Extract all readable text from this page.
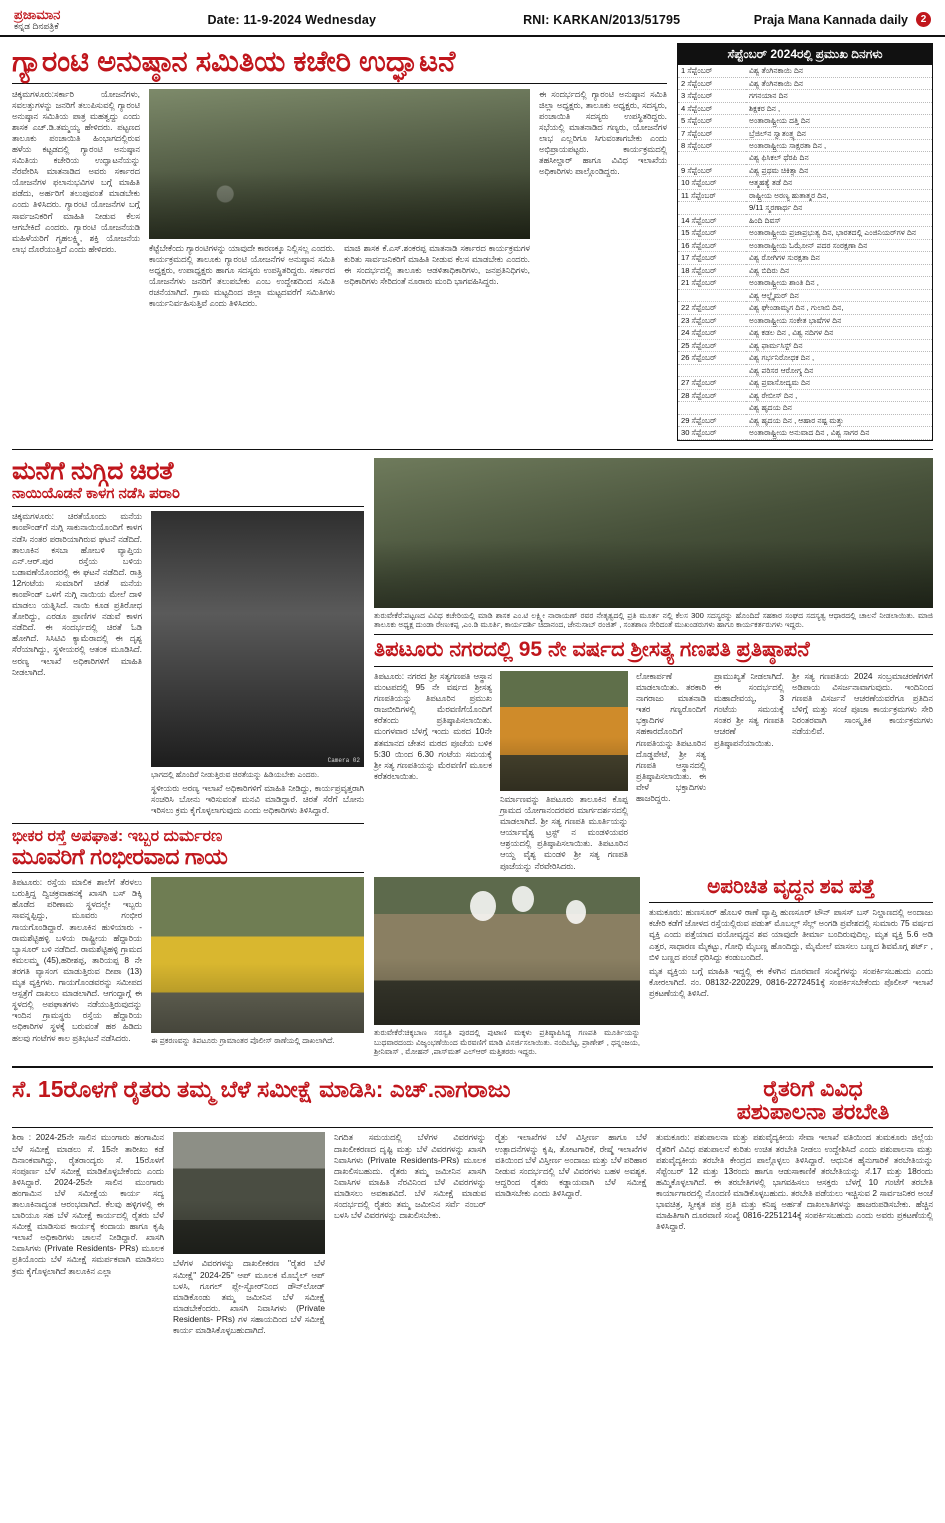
ಪ್ರಜಾಮಾನ
ಕನ್ನಡ ದಿನಪತ್ರಿಕೆ	Date: 11-9-2024 Wednesday	RNI: KARKAN/2013/51795	Praja Mana Kannada daily	2
ಗ್ಯಾರಂಟಿ ಅನುಷ್ಠಾನ ಸಮಿತಿಯ ಕಚೇರಿ ಉದ್ಘಾಟನೆ
ಚಿಕ್ಕಮಗಳೂರು:ಸರ್ಕಾರಿ ಯೋಜನೆಗಳು, ಸವಲತ್ತುಗಳನ್ನು ಜನರಿಗೆ ತಲುಪಿಸುವಲ್ಲಿ ಗ್ಯಾರಂಟಿ ಅನುಷ್ಠಾನ ಸಮಿತಿಯ ಪಾತ್ರ ಮಹತ್ವದ್ದು ಎಂದು ಶಾಸಕ ಎಚ್.ಡಿ.ತಮ್ಮಯ್ಯ ಹೇಳಿದರು. ಪಟ್ಟಣದ ತಾಲೂಕು ಪಂಚಾಯಿತಿ ಹಿಂಭಾಗದಲ್ಲಿರುವ ಹಳೆಯ ಕಟ್ಟಡದಲ್ಲಿ ಗ್ಯಾರಂಟಿ ಅನುಷ್ಠಾನ ಸಮಿತಿಯ ಕಚೇರಿಯ ಉದ್ಘಾಟನೆಯನ್ನು ನೆರವೇರಿಸಿ ಮಾತನಾಡಿದ ಅವರು ಸರ್ಕಾರದ ಯೋಜನೆಗಳ ಫಲಾನುಭವಿಗಳ ಬಗ್ಗೆ ಮಾಹಿತಿ ಪಡೆದು, ಅರ್ಹರಿಗೆ ತಲುಪುವಂತೆ ಮಾಡಬೇಕು ಎಂದು ತಿಳಿಸಿದರು. ಗ್ಯಾರಂಟಿ ಯೋಜನೆಗಳ ಬಗ್ಗೆ ಸಾರ್ವಜನಿಕರಿಗೆ ಮಾಹಿತಿ ನೀಡುವ ಕೆಲಸ ಆಗಬೇಕಿದೆ ಎಂದರು. ಗ್ಯಾರಂಟಿ ಯೋಜನೆಯಡಿ ಮಹಿಳೆಯರಿಗೆ ಗೃಹಲಕ್ಷ್ಮಿ, ಶಕ್ತಿ ಯೋಜನೆಯ ಲಾಭ ದೊರೆಯುತ್ತಿದೆ ಎಂದು ಹೇಳಿದರು.	ಕೆಟ್ಟೆಬೇಕೆಂದು ಗ್ಯಾರಂಟಿಗಳನ್ನು ಯಾವುದೇ ಕಾರಣಕ್ಕೂ ನಿಲ್ಲಿಸಲ್ಲ ಎಂದರು. ಕಾರ್ಯಕ್ರಮದಲ್ಲಿ ತಾಲೂಕು ಗ್ಯಾರಂಟಿ ಯೋಜನೆಗಳ ಅನುಷ್ಠಾನ ಸಮಿತಿ ಅಧ್ಯಕ್ಷರು, ಉಪಾಧ್ಯಕ್ಷರು ಹಾಗೂ ಸದಸ್ಯರು ಉಪಸ್ಥಿತರಿದ್ದರು. ಸರ್ಕಾರದ ಯೋಜನೆಗಳು ಜನರಿಗೆ ತಲುಪಬೇಕು ಎಂಬ ಉದ್ದೇಶದಿಂದ ಸಮಿತಿ ರಚನೆಯಾಗಿದೆ. ಗ್ರಾಮ ಮಟ್ಟದಿಂದ ಜಿಲ್ಲಾ ಮಟ್ಟದವರೆಗೆ ಸಮಿತಿಗಳು ಕಾರ್ಯನಿರ್ವಹಿಸುತ್ತಿವೆ ಎಂದು ತಿಳಿಸಿದರು.
ಮಾಜಿ ಶಾಸಕ ಕೆ.ಎಸ್.ಶಂಕರಪ್ಪ ಮಾತನಾಡಿ ಸರ್ಕಾರದ ಕಾರ್ಯಕ್ರಮಗಳ ಕುರಿತು ಸಾರ್ವಜನಿಕರಿಗೆ ಮಾಹಿತಿ ನೀಡುವ ಕೆಲಸ ಮಾಡಬೇಕು ಎಂದರು. ಈ ಸಂದರ್ಭದಲ್ಲಿ ತಾಲೂಕು ಆಡಳಿತಾಧಿಕಾರಿಗಳು, ಜನಪ್ರತಿನಿಧಿಗಳು, ಅಧಿಕಾರಿಗಳು ಸೇರಿದಂತೆ ನೂರಾರು ಮಂದಿ ಭಾಗವಹಿಸಿದ್ದರು.
ಈ ಸಂದರ್ಭದಲ್ಲಿ ಗ್ಯಾರಂಟಿ ಅನುಷ್ಠಾನ ಸಮಿತಿ ಜಿಲ್ಲಾ ಅಧ್ಯಕ್ಷರು, ತಾಲೂಕು ಅಧ್ಯಕ್ಷರು, ಸದಸ್ಯರು, ಪಂಚಾಯಿತಿ ಸದಸ್ಯರು ಉಪಸ್ಥಿತರಿದ್ದರು. ಸಭೆಯಲ್ಲಿ ಮಾತನಾಡಿದ ಗಣ್ಯರು, ಯೋಜನೆಗಳ ಲಾಭ ಎಲ್ಲರಿಗೂ ಸಿಗುವಂತಾಗಬೇಕು ಎಂದು ಅಭಿಪ್ರಾಯಪಟ್ಟರು. ಕಾರ್ಯಕ್ರಮದಲ್ಲಿ ತಹಸೀಲ್ದಾರ್ ಹಾಗೂ ವಿವಿಧ ಇಲಾಖೆಯ ಅಧಿಕಾರಿಗಳು ಪಾಲ್ಗೊಂಡಿದ್ದರು.
ಸೆಪ್ಟೆಂಬರ್ 2024ರಲ್ಲಿ ಪ್ರಮುಖ ದಿನಗಳು
1 ಸೆಪ್ಟೆಂಬರ್	ವಿಶ್ವ ತೆಂಗಿನಕಾಯಿ ದಿನ
2 ಸೆಪ್ಟೆಂಬರ್	ವಿಶ್ವ ತೆಂಗಿನಕಾಯಿ ದಿನ
3 ಸೆಪ್ಟೆಂಬರ್	ಗಗನಯಾನ ದಿನ
4 ಸೆಪ್ಟೆಂಬರ್	ಶಿಕ್ಷಕರ ದಿನ ,
5 ಸೆಪ್ಟೆಂಬರ್	ಅಂತಾರಾಷ್ಟ್ರೀಯ ದತ್ತಿ ದಿನ
7 ಸೆಪ್ಟೆಂಬರ್	ಬ್ರೆಜಿಲ್‌ನ ಸ್ವಾತಂತ್ರ್ಯ ದಿನ
8 ಸೆಪ್ಟೆಂಬರ್	ಅಂತಾರಾಷ್ಟ್ರೀಯ ಸಾಕ್ಷರತಾ ದಿನ ,
	ವಿಶ್ವ ಫಿಸಿಕಲ್ ಥೆರಪಿ ದಿನ
9 ಸೆಪ್ಟೆಂಬರ್	ವಿಶ್ವ ಪ್ರಥಮ ಚಿಕಿತ್ಸಾ ದಿನ
10 ಸೆಪ್ಟೆಂಬರ್	ಆತ್ಮಹತ್ಯೆ ತಡೆ ದಿನ
11 ಸೆಪ್ಟೆಂಬರ್	ರಾಷ್ಟ್ರೀಯ ಅರಣ್ಯ ಹುತಾತ್ಮರ ದಿನ,
	9/11 ಸ್ಮರಣಾರ್ಥ ದಿನ
14 ಸೆಪ್ಟೆಂಬರ್	ಹಿಂದಿ ದಿವಸ್
15 ಸೆಪ್ಟೆಂಬರ್	ಅಂತಾರಾಷ್ಟ್ರೀಯ ಪ್ರಜಾಪ್ರಭುತ್ವ ದಿನ, ಭಾರತದಲ್ಲಿ ಎಂಜಿನಿಯರ್‌ಗಳ ದಿನ
16 ಸೆಪ್ಟೆಂಬರ್	ಅಂತಾರಾಷ್ಟ್ರೀಯ ಓಝೋನ್ ಪದರ ಸಂರಕ್ಷಣಾ ದಿನ
17 ಸೆಪ್ಟೆಂಬರ್	ವಿಶ್ವ ರೋಗಿಗಳ ಸುರಕ್ಷತಾ ದಿನ
18 ಸೆಪ್ಟೆಂಬರ್	ವಿಶ್ವ ಬಿದಿರು ದಿನ
21 ಸೆಪ್ಟೆಂಬರ್	ಅಂತಾರಾಷ್ಟ್ರೀಯ ಶಾಂತಿ ದಿನ ,
	ವಿಶ್ವ ಆಲ್ಝೈಮರ್ ದಿನ
22 ಸೆಪ್ಟೆಂಬರ್	ವಿಶ್ವ ಘೇಂಡಾಮೃಗ ದಿನ , ಗುಲಾಬಿ ದಿನ,
23 ಸೆಪ್ಟೆಂಬರ್	ಅಂತಾರಾಷ್ಟ್ರೀಯ ಸಂಕೇತ ಭಾಷೆಗಳ ದಿನ
24 ಸೆಪ್ಟೆಂಬರ್	ವಿಶ್ವ ಕಡಲ ದಿನ , ವಿಶ್ವ ನದಿಗಳ ದಿನ
25 ಸೆಪ್ಟೆಂಬರ್	ವಿಶ್ವ ಫಾರ್ಮಸಿಸ್ಟ್ ದಿನ
26 ಸೆಪ್ಟೆಂಬರ್	ವಿಶ್ವ ಗರ್ಭನಿರೋಧಕ ದಿನ ,
	ವಿಶ್ವ ಪರಿಸರ ಆರೋಗ್ಯ ದಿನ
27 ಸೆಪ್ಟೆಂಬರ್	ವಿಶ್ವ ಪ್ರವಾಸೋದ್ಯಮ ದಿನ
28 ಸೆಪ್ಟೆಂಬರ್	ವಿಶ್ವ ರೇಬೀಸ್ ದಿನ ,
	ವಿಶ್ವ ಹೃದಯ ದಿನ
29 ಸೆಪ್ಟೆಂಬರ್	ವಿಶ್ವ ಹೃದಯ ದಿನ , ಆಹಾರ ನಷ್ಟ ಮತ್ತು
30 ಸೆಪ್ಟೆಂಬರ್	ಅಂತಾರಾಷ್ಟ್ರೀಯ ಅನುವಾದ ದಿನ , ವಿಶ್ವ ಸಾಗರ ದಿನ
ಮನೆಗೆ ನುಗ್ಗಿದ ಚಿರತೆ
ನಾಯಿಯೊಡನೆ ಕಾಳಗ ನಡೆಸಿ ಪರಾರಿ
ಚಿಕ್ಕಮಗಳೂರು: ಚಿರತೆಯೊಂದು ಮನೆಯ ಕಾಂಪೌಂಡ್‌ಗೆ ನುಗ್ಗಿ ಸಾಕುನಾಯಿಯೊಂದಿಗೆ ಕಾಳಗ ನಡೆಸಿ ನಂತರ ಪರಾರಿಯಾಗಿರುವ ಘಟನೆ ನಡೆದಿದೆ. ತಾಲೂಕಿನ ಕಸಬಾ ಹೋಬಳಿ ವ್ಯಾಪ್ತಿಯ ಎನ್.ಆರ್.ಪುರ ರಸ್ತೆಯ ಬಳಿಯ ಬಡಾವಣೆಯೊಂದರಲ್ಲಿ ಈ ಘಟನೆ ನಡೆದಿದೆ. ರಾತ್ರಿ 12ಗಂಟೆಯ ಸುಮಾರಿಗೆ ಚಿರತೆ ಮನೆಯ ಕಾಂಪೌಂಡ್ ಒಳಗೆ ನುಗ್ಗಿ ನಾಯಿಯ ಮೇಲೆ ದಾಳಿ ಮಾಡಲು ಯತ್ನಿಸಿದೆ. ನಾಯಿ ಕೂಡ ಪ್ರತಿರೋಧ ತೋರಿದ್ದು, ಎರಡೂ ಪ್ರಾಣಿಗಳ ನಡುವೆ ಕಾಳಗ ನಡೆದಿದೆ. ಈ ಸಂದರ್ಭದಲ್ಲಿ ಚಿರತೆ ಓಡಿ ಹೋಗಿದೆ. ಸಿಸಿಟಿವಿ ಕ್ಯಾಮೆರಾದಲ್ಲಿ ಈ ದೃಶ್ಯ ಸೆರೆಯಾಗಿದ್ದು, ಸ್ಥಳೀಯರಲ್ಲಿ ಆತಂಕ ಮೂಡಿಸಿದೆ. ಅರಣ್ಯ ಇಲಾಖೆ ಅಧಿಕಾರಿಗಳಿಗೆ ಮಾಹಿತಿ ನೀಡಲಾಗಿದೆ.
Camera 02
ಭಾಗದಲ್ಲಿ ಹೊಂದಿರೆ ನೀಡುತ್ತಿರುವ ಚಿರತೆಯನ್ನು ಹಿಡಿಯಬೇಕು ಎಂದರು.
ಸ್ಥಳೀಯರು ಅರಣ್ಯ ಇಲಾಖೆ ಅಧಿಕಾರಿಗಳಿಗೆ ಮಾಹಿತಿ ನೀಡಿದ್ದು, ಕಾರ್ಯಪ್ರವೃತ್ತರಾಗಿ ಸಂಚರಿಸಿ ಬೋನು ಇರಿಸುವಂತೆ ಮನವಿ ಮಾಡಿದ್ದಾರೆ. ಚಿರತೆ ಸೆರೆಗೆ ಬೋನು ಇರಿಸಲು ಕ್ರಮ ಕೈಗೊಳ್ಳಲಾಗುವುದು ಎಂದು ಅಧಿಕಾರಿಗಳು ತಿಳಿಸಿದ್ದಾರೆ.
ಭೀಕರ ರಸ್ತೆ ಅಪಘಾತ: ಇಬ್ಬರ ದುರ್ಮರಣ
ಮೂವರಿಗೆ ಗಂಭೀರವಾದ ಗಾಯ
ತಿಪಟೂರು: ರಸ್ತೆಯ ಮಾಲಿಕ ಶಾಲೆಗೆ ತೆರಳಲು ಬರುತ್ತಿದ್ದ ದ್ವಿಚಕ್ರವಾಹನಕ್ಕೆ ಖಾಸಗಿ ಬಸ್ ಡಿಕ್ಕಿ ಹೊಡೆದ ಪರಿಣಾಮ ಸ್ಥಳದಲ್ಲೇ ಇಬ್ಬರು ಸಾವನ್ನಪ್ಪಿದ್ದು, ಮೂವರು ಗಂಭೀರ ಗಾಯಗೊಂಡಿದ್ದಾರೆ. ತಾಲೂಕಿನ ಹುಳಿಯಾರು - ರಾಮಶೆಟ್ಟಿಹಳ್ಳಿ ಬಳಿಯ ರಾಷ್ಟ್ರೀಯ ಹೆದ್ದಾರಿಯ ಬ್ಯಾಸೂರ್ ಬಳಿ ನಡೆದಿದೆ. ರಾಮಶೆಟ್ಟಿಹಳ್ಳಿ ಗ್ರಾಮದ ಕಮಲಮ್ಮ (45),ಹರೀಶಪ್ಪ, ತಾರಿಯಪ್ಪ 8 ನೇ ತರಗತಿ ವ್ಯಾಸಂಗ ಮಾಡುತ್ತಿರುವ ದೀಪಾ (13) ಮೃತ ವ್ಯಕ್ತಿಗಳು. ಗಾಯಗೊಂಡವರನ್ನು ಸಮೀಪದ ಆಸ್ಪತ್ರೆಗೆ ದಾಖಲು ಮಾಡಲಾಗಿದೆ. ಆಗಂದ್ದಾಗ್ಗೆ ಈ ಸ್ಥಳದಲ್ಲಿ ಅಪಘಾತಗಳು ನಡೆಯುತ್ತಿರುವುದನ್ನು ಇಂದಿನ ಗ್ರಾಮಸ್ಥರು ರಸ್ತೆಯ ಹೆದ್ದಾರಿಯ ಅಧಿಕಾರಿಗಳ ಸ್ಥಳಕ್ಕೆ ಬರುವಂತೆ ಹಠ ಹಿಡಿದು ಹಲವು ಗಂಟೆಗಳ ಕಾಲ ಪ್ರತಿಭಟನೆ ನಡೆಸಿದರು.	ಈ ಪ್ರಕರಣವನ್ನು ತಿಪಟೂರು ಗ್ರಾಮಾಂತರ ಪೊಲೀಸ್ ಠಾಣೆಯಲ್ಲಿ ದಾಖಲಾಗಿದೆ.
ತುರುವೇಕೆರೆ:ಪಟ್ಟಣದ ವಿವಿಧ ಕಚೇರಿಯಲ್ಲಿ ಮಾಡಿ ಶಾಸಕ ಎಂ.ಟಿ ಲಕ್ಷ್ಮೀ ನಾರಾಯಣ್ ರವರ ನೇತೃತ್ವದಲ್ಲಿ ಪ್ರತಿ ಮೂರ್ತ ನಲ್ಲಿ ಕೆಲಸ 300 ಸದಸ್ಯರನ್ನು ಹೊಂದಿದೆ ಸಹಕಾರ ಸಂಘದ ಸದಸ್ಯತ್ವ ಆಧಾರದಲ್ಲಿ ಚಾಲನೆ ನೀಡಲಾಯಿತು. ಮಾಜಿ ತಾಲೂಕು ಅಧ್ಯಕ್ಷ ದುಂಡಾ ರೇಣುಕಪ್ಪ ,ಎಂ.ಡಿ ಮೂರ್ತಿ, ಕಾರ್ಯದರ್ಶಿ ಚಿದಾನಂದ, ಜೇನುಸಾಬ್ ರಂಜಿತ್ , ಸಂತಶಾಣ ಸೇರಿದಂತೆ ಮುಖಂಡರುಗಳು ಹಾಗೂ ಕಾರ್ಯಕರ್ತರುಗಳು ಇದ್ದರು.
ತಿಪಟೂರು ನಗರದಲ್ಲಿ 95 ನೇ ವರ್ಷದ ಶ್ರೀಸತ್ಯ ಗಣಪತಿ ಪ್ರತಿಷ್ಠಾಪನೆ
ತಿಪಟೂರು: ನಗರದ ಶ್ರೀ ಸತ್ಯಗಣಪತಿ ಆಸ್ಥಾನ ಮಂಟಪದಲ್ಲಿ 95 ನೇ ವರ್ಷದ ಶ್ರೀಸತ್ಯ ಗಣಪತಿಯನ್ನು ತಿಪಟೂರಿನ ಪ್ರಮುಖ ರಾಜಬೀದಿಗಳಲ್ಲಿ ಮೆರವಣಿಗೆಯೊಂದಿಗೆ ಕರೆತಂದು ಪ್ರತಿಷ್ಠಾಪಿಸಲಾಯಿತು. ಮಂಗಳವಾರ ಬೆಳಗ್ಗೆ ಇಂದು ಮಠದ 10ನೇ ಶತಮಾನದ ಚೇತನ ಮಠದ ಪೂಜೆಯ ಬಳಿಕ 5:30 ಯಿಂದ 6.30 ಗಂಟೆಯ ಸಮಯಕ್ಕೆ ಶ್ರೀ ಸತ್ಯ ಗಣಪತಿಯನ್ನು ಮೆರವಣಿಗೆ ಮೂಲಕ ಕರೆತರಲಾಯಿತು.
ನಿರ್ಮಾಣವನ್ನು ತಿಪಟೂರು ತಾಲೂಕಿನ ಕೊಪ್ಪ ಗ್ರಾಮದ ಯೋಗಾನಂದರವರ ಮಾರ್ಗದರ್ಶನದಲ್ಲಿ ಮಾಡಲಾಗಿದೆ. ಶ್ರೀ ಸತ್ಯ ಗಣಪತಿ ಮೂರ್ತಿಯನ್ನು ಆರ್ಯಾವೈಶ್ಯ ಟ್ರಸ್ಟ್ ನ ಮಂಡಳಿಯವರ ಆಶ್ರಯದಲ್ಲಿ ಪ್ರತಿಷ್ಠಾಪಿಸಲಾಯಿತು. ತಿಪಟೂರಿನ ಆಯ್ದ ವೈಶ್ಯ ಮಂಡಳಿ ಶ್ರೀ ಸತ್ಯ ಗಣಪತಿ ಪೂಜೆಯನ್ನು ನೆರವೇರಿಸಿದರು.
ಲೋಕಾರ್ಪಣೆ ಮಾಡಲಾಯಿತು. ತರಕಾರಿ ನಾಗರಾಜು ಮಾತನಾಡಿ ಇತರ ಗಣ್ಯರೊಂದಿಗೆ ಭಕ್ತಾದಿಗಳ ಸಹಕಾರದೊಂದಿಗೆ ಗಣಪತಿಯನ್ನು ತಿಪಟೂರಿನ ದೊಡ್ಡಪೇಟೆ, ಶ್ರೀ ಸತ್ಯ ಗಣಪತಿ ಆಸ್ಥಾನದಲ್ಲಿ ಪ್ರತಿಷ್ಠಾಪಿಸಲಾಯಿತು. ಈ ವೇಳೆ ಭಕ್ತಾದಿಗಳು ಹಾಜರಿದ್ದರು.
ಪ್ರಾಮುಖ್ಯತೆ ನೀಡಲಾಗಿದೆ. ಈ ಸಂದರ್ಭದಲ್ಲಿ ಮಹಾದೇವಯ್ಯ, 3 ಗಂಟೆಯ ಸಮಯಕ್ಕೆ ಸಂತರ ಶ್ರೀ ಸತ್ಯ ಗಣಪತಿ ಆಚರಣೆ ಪ್ರತಿಷ್ಠಾಪನೆಯಾಯಿತು.
ಶ್ರೀ ಸತ್ಯ ಗಣಪತಿಯ 2024 ಸಂಬ್ರಮಾಚರಣೆಗಳಿಗೆ ಅಡಿಪಾಯ ವಿಸರ್ಜನಾವಾಗುವುದು. ಇಂದಿನಿಂದ ಗಣಪತಿ ವಿಸರ್ಜನೆ ಆಚರಣೆಯವರೆಗೂ ಪ್ರತಿದಿನ ಬೆಳಿಗ್ಗೆ ಮತ್ತು ಸಂಜೆ ಪೂಜಾ ಕಾರ್ಯಕ್ರಮಗಳು ಸೇರಿ ನಿರಂತರವಾಗಿ ಸಾಂಸ್ಕೃತಿಕ ಕಾರ್ಯಕ್ರಮಗಳು ನಡೆಯಲಿವೆ.
ತುರುವೇಕೆರೆ:ಚಿಕ್ಕಬಾಣ ಸರಸ್ವತಿ ಪುರದಲ್ಲಿ ಪುಟಾಣಿ ಮಕ್ಕಳು ಪ್ರತಿಷ್ಠಾಪಿಸಿದ್ದ ಗಣಪತಿ ಮೂರ್ತಿಯನ್ನು ಬುಧವಾರದಂದು ವಿಜೃಂಭಣೆಯಿಂದ ಮೆರವಣಿಗೆ ಮಾಡಿ ವಿಸರ್ಜಿಸಲಾಯಿತು. ನಂದಿಬೆಟ್ಟ, ಪ್ರಾಣೇಶ್ , ಧನ್ನಂಜಯ, ಶ್ರೀನಿವಾಸ್ , ಮೋಹನ್ ,ಪಾಸ್‌ಮತ್ ಎಲ್‌ಆರ್ ಮತ್ತಿತರರು ಇದ್ದರು.
ಅಪರಿಚಿತ ವೃದ್ಧನ ಶವ ಪತ್ತೆ
ತುಮಕೂರು: ಹುಣಸೂರ್ ಹೊಬಳಿ ಠಾಣೆ ವ್ಯಾಪ್ತಿ ಹುಣಸೂರ್ ಟೌನ್ ಪಾಸಸ್ ಬಸ್ ನಿಲ್ದಾಣದಲ್ಲಿ ಅಂದಾಜು ಕಚೇರಿ ಕಡೆಗೆ ಜೋಳದ ರಸ್ತೆಯಲ್ಲಿರುವ ಪಡುತ್ ಮೊಬಲ್ಲ್ ಸೆಲ್ಲ್ ಅಂಗಡಿ ಪ್ರವೇಶದಲ್ಲಿ ಸುಮಾರು 75 ವರ್ಷದ ವ್ಯಕ್ತಿ ಎಂದು ಪತ್ತೆಯಾದ ವಯೋವೃದ್ಧನ ಶವ ಯಾವುದೇ ತೀರ್ಮಾ ಬಂದಿರುವುದಿಲ್ಲ. ಮೃತ ವ್ಯಕ್ತಿ 5.6 ಅಡಿ ಎತ್ತರ, ಸಾಧಾರಣ ಮೈಕಟ್ಟು, ಗೋಧಿ ಮೈಬಣ್ಣ ಹೊಂದಿದ್ದು, ಮೈಮೇಲೆ ಮಾಸಲು ಬಣ್ಣದ ಶಿವಮೊಗ್ಗ ಶರ್ಟ್ , ಬಿಳಿ ಬಣ್ಣದ ಪಂಚೆ ಧರಿಸಿದ್ದು ಕಂಡುಬಂದಿದೆ.
ಮೃತ ವ್ಯಕ್ತಿಯ ಬಗ್ಗೆ ಮಾಹಿತಿ ಇದ್ದಲ್ಲಿ ಈ ಕೆಳಗಿನ ದೂರವಾಣಿ ಸಂಖ್ಯೆಗಳನ್ನು ಸಂಪರ್ಕಿಸಬಹುದು ಎಂದು ಕೋರಲಾಗಿದೆ. ನಂ. 08132-220229, 0816-2272451ಕ್ಕೆ ಸಂಪರ್ಕಿಸಬೇಕೆಂದು ಪೊಲೀಸ್ ಇಲಾಖೆ ಪ್ರಕಟಣೆಯಲ್ಲಿ ತಿಳಿಸಿದೆ.
ಸೆ. 15ರೊಳಗೆ ರೈತರು ತಮ್ಮ ಬೆಳೆ ಸಮೀಕ್ಷೆ ಮಾಡಿಸಿ: ಎಚ್.ನಾಗರಾಜು	ರೈತರಿಗೆ ವಿವಿಧ
ಪಶುಪಾಲನಾ ತರಬೇತಿ
ಶಿರಾ : 2024-25ನೇ ಸಾಲಿನ ಮುಂಗಾರು ಹಂಗಾಮಿನ ಬೆಳೆ ಸಮೀಕ್ಷೆ ಮಾಡಲು ಸೆ. 15ನೇ ತಾರೀಖು ಕಡೆ ದಿನಾಂಕವಾಗಿದ್ದು, ರೈತರಾಂದ್ಯರು ಸೆ. 15ರೊಳಗೆ ಸಂಪೂರ್ಣ ಬೆಳೆ ಸಮೀಕ್ಷೆ ಮಾಡಿಕೊಳ್ಳಬೇಕೆಂದು ಎಂದು ತಿಳಿಸಿದ್ದಾರೆ. 2024-25ನೇ ಸಾಲಿನ ಮುಂಗಾರು ಹಂಗಾಮಿನ ಬೆಳೆ ಸಮೀಕ್ಷೆಯ ಕಾರ್ಯ ಸದ್ಯ ತಾಲೂಕಿನಾದ್ಯಂತ ಆರಂಭವಾಗಿದೆ. ಕೆಲವು ಹಳ್ಳಿಗಳಲ್ಲಿ ಈ ಬಾರಿಯೂ ಸಹ ಬೆಳೆ ಸಮೀಕ್ಷೆ ಕಾರ್ಯದಲ್ಲಿ ರೈತರು ಬೆಳೆ ಸಮೀಕ್ಷೆ ಮಾಡಿಸುವ ಕಾರ್ಯಕ್ಕೆ ಕಂದಾಯ ಹಾಗೂ ಕೃಷಿ ಇಲಾಖೆ ಅಧಿಕಾರಿಗಳು ಚಾಲನೆ ನೀಡಿದ್ದಾರೆ. ಖಾಸಗಿ ನಿವಾಸಿಗಳು (Private Residents- PRs) ಮೂಲಕ ಪ್ರತಿಯೊಂದು ಬೆಳೆ ಸಮೀಕ್ಷೆ ಸಮರ್ಪಕವಾಗಿ ಮಾಡಿಸಲು ಕ್ರಮ ಕೈಗೊಳ್ಳಲಾಗಿದೆ ತಾಲೂಕಿನ ಎಲ್ಲಾ
ಬೆಳೆಗಳ ವಿವರಗಳನ್ನು ದಾಖಲೀಕರಣ "ರೈತರ ಬೆಳೆ ಸಮೀಕ್ಷೆ" 2024-25" ಆಪ್ ಮೂಲಕ ಮೊಬೈಲ್ ಆಪ್ ಬಳಸಿ, ಗೂಗಲ್ ಪ್ಲೇ-ಸ್ಟೋರ್‌ನಿಂದ ಡೌನ್‌ಲೋಡ್ ಮಾಡಿಕೊಂಡು ತಮ್ಮ ಜಮೀನಿನ ಬೆಳೆ ಸಮೀಕ್ಷೆ ಮಾಡಬೇಕೆಂದರು. ಖಾಸಗಿ ನಿವಾಸಿಗಳು (Private Residents- PRs) ಗಳ ಸಹಾಯದಿಂದ ಬೆಳೆ ಸಮೀಕ್ಷೆ ಕಾರ್ಯ ಮಾಡಿಸಿಕೊಳ್ಳಬಹುದಾಗಿದೆ.
ನಿಗದಿತ ಸಮಯದಲ್ಲಿ ಬೆಳೆಗಳ ವಿವರಗಳನ್ನು ದಾಖಲೀಕರಣದ ದೃಷ್ಟಿ ಮತ್ತು ಬೆಳೆ ವಿವರಗಳನ್ನು ಖಾಸಗಿ ನಿವಾಸಿಗಳು (Private Residents-PRs) ಮೂಲಕ ದಾಖಲಿಸಬಹುದು. ರೈತರು ತಮ್ಮ ಜಮೀನಿನ ಖಾಸಗಿ ನಿವಾಸಿಗಳ ಮಾಹಿತಿ ನೆರವಿನಿಂದ ಬೆಳೆ ವಿವರಗಳನ್ನು ಮಾಡಿಸಲು ಅವಕಾಶವಿದೆ. ಬೆಳೆ ಸಮೀಕ್ಷೆ ಮಾಡುವ ಸಂದರ್ಭದಲ್ಲಿ ರೈತರು ತಮ್ಮ ಜಮೀನಿನ ಸರ್ವೆ ನಂಬರ್ ಬಳಸಿ ಬೆಳೆ ವಿವರಗಳನ್ನು ದಾಖಲಿಸಬೇಕು.
ರೈತ್ರು ಇಲಾಖೆಗಳ ಬೆಳೆ ವಿಸ್ತೀರ್ಣ ಹಾಗೂ ಬೆಳೆ ಉತ್ಪಾದನೆಗಳನ್ನು ಕೃಷಿ, ತೋಟಗಾರಿಕೆ, ರೇಷ್ಮೆ ಇಲಾಖೆಗಳ ವತಿಯಿಂದ ಬೆಳೆ ವಿಸ್ತೀರ್ಣ ಅಂದಾಜು ಮತ್ತು ಬೆಳೆ ಪರಿಹಾರ ನೀಡುವ ಸಂದರ್ಭದಲ್ಲಿ ಬೆಳೆ ವಿವರಗಳು ಬಹಳ ಅವಶ್ಯಕ. ಆದ್ದರಿಂದ ರೈತರು ಕಡ್ಡಾಯವಾಗಿ ಬೆಳೆ ಸಮೀಕ್ಷೆ ಮಾಡಿಸಬೇಕು ಎಂದು ತಿಳಿಸಿದ್ದಾರೆ.
ತುಮಕೂರು: ಪಶುಪಾಲನಾ ಮತ್ತು ಪಶುವೈದ್ಯಕೀಯ ಸೇವಾ ಇಲಾಖೆ ವತಿಯಿಂದ ತುಮಕೂರು ಜಿಲ್ಲೆಯ ರೈತರಿಗೆ ವಿವಿಧ ಪಶುಪಾಲನೆ ಕುರಿತು ಉಚಿತ ತರಬೇತಿ ನೀಡಲು ಉದ್ದೇಶಿಸಿದೆ ಎಂದು ಪಶುಪಾಲನಾ ಮತ್ತು ಪಶುವೈದ್ಯಕೀಯ ತರಬೇತಿ ಕೇಂದ್ರದ ಪಾಲ್ಗೊಳ್ಳಲು ತಿಳಿಸಿದ್ದಾರೆ. ಆಧುನಿಕ ಹೈನುಗಾರಿಕೆ ತರಬೇತಿಯನ್ನು ಸೆಪ್ಟೆಂಬರ್ 12 ಮತ್ತು 13ರಂದು ಹಾಗೂ ಆಡುಸಾಕಾಣಿಕೆ ತರಬೇತಿಯನ್ನು ಸೆ.17 ಮತ್ತು 18ರಂದು ಹಮ್ಮಿಕೊಳ್ಳಲಾಗಿದೆ. ಈ ತರಬೇತಿಗಳಲ್ಲಿ ಭಾಗವಹಿಸಲು ಆಸಕ್ತರು ಬೆಳಗ್ಗೆ 10 ಗಂಟೆಗೆ ತರಬೇತಿ ಕಾರ್ಯಾಗಾರದಲ್ಲಿ ನೊಂದಣಿ ಮಾಡಿಕೊಳ್ಳಬಹುದು. ತರಬೇತಿ ಪಡೆಯಲು ಇಚ್ಚಿಸುವ 2 ಸಾರ್ವಜನಿಕರ ಅಂಚೆ ಭಾವಚಿತ್ರ, ಸ್ವೀಕೃತ ಪತ್ರ ಪ್ರತಿ ಮತ್ತು ಕನಿಷ್ಠ ಅರ್ಹತೆ ದಾಖಲಾತಿಗಳನ್ನು ಹಾಜರುಪಡಿಸಬೇಕು. ಹೆಚ್ಚಿನ ಮಾಹಿತಿಗಾಗಿ ದೂರವಾಣಿ ಸಂಖ್ಯೆ 0816-2251214ಕ್ಕೆ ಸಂಪರ್ಕಿಸಬಹುದು ಎಂದು ಅವರು ಪ್ರಕಟಣೆಯಲ್ಲಿ ತಿಳಿಸಿದ್ದಾರೆ.
